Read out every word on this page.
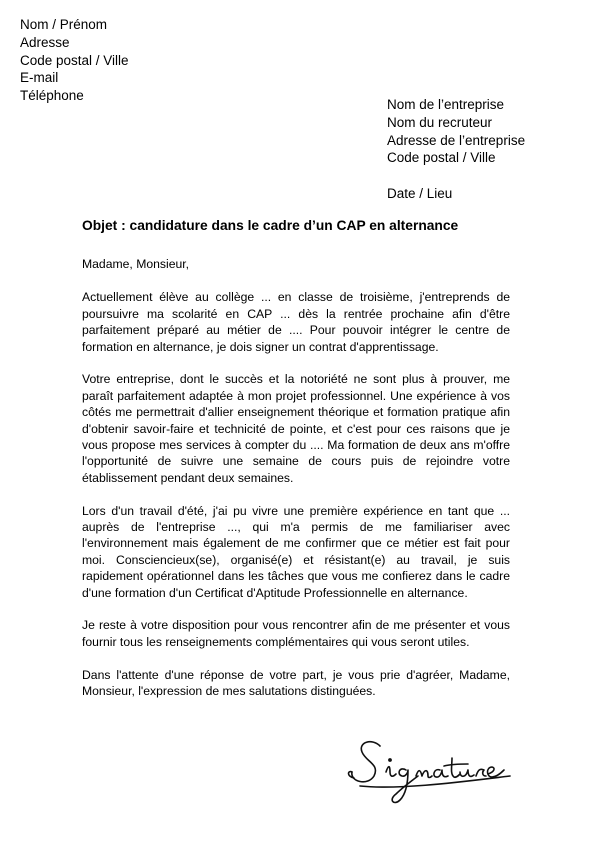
Nom / Prénom
Adresse
Code postal / Ville
E-mail
Téléphone
Nom de l’entreprise
Nom du recruteur
Adresse de l’entreprise
Code postal / Ville
Date / Lieu
Objet : candidature dans le cadre d’un CAP en alternance

Madame, Monsieur,

Actuellement élève au collège ... en classe de troisième, j'entreprends de poursuivre ma scolarité en CAP ... dès la rentrée prochaine afin d'être parfaitement préparé au métier de .... Pour pouvoir intégrer le centre de formation en alternance, je dois signer un contrat d'apprentissage.

Votre entreprise, dont le succès et la notoriété ne sont plus à prouver, me paraît parfaitement adaptée à mon projet professionnel. Une expérience à vos côtés me permettrait d'allier enseignement théorique et formation pratique afin d'obtenir savoir-faire et technicité de pointe, et c'est pour ces raisons que je vous propose mes services à compter du .... Ma formation de deux ans m'offre l'opportunité de suivre une semaine de cours puis de rejoindre votre établissement pendant deux semaines.

Lors d'un travail d'été, j'ai pu vivre une première expérience en tant que ... auprès de l'entreprise ..., qui m'a permis de me familiariser avec l'environnement mais également de me confirmer que ce métier est fait pour moi. Consciencieux(se), organisé(e) et résistant(e) au travail, je suis rapidement opérationnel dans les tâches que vous me confierez dans le cadre d'une formation d'un Certificat d'Aptitude Professionnelle en alternance.

Je reste à votre disposition pour vous rencontrer afin de me présenter et vous fournir tous les renseignements complémentaires qui vous seront utiles.

Dans l'attente d'une réponse de votre part, je vous prie d'agréer, Madame, Monsieur, l'expression de mes salutations distinguées.
